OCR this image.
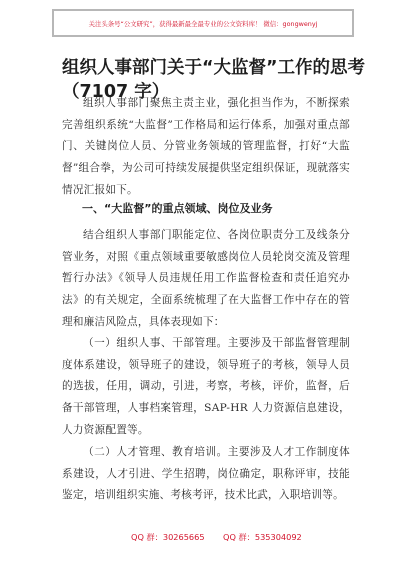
关注头条号“公文研究”，获得最新最全最专业的公文资料库！ 微信：gongwenyj
组织人事部门关于“大监督”工作的思考
（7107 字）

组织人事部门聚焦主责主业，强化担当作为，不断探索完善组织系统“大监督”工作格局和运行体系，加强对重点部门、关键岗位人员、分管业务领域的管理监督，打好“大监督”组合拳，为公司可持续发展提供坚定组织保证，现就落实情况汇报如下。

一、“大监督”的重点领域、岗位及业务

结合组织人事部门职能定位、各岗位职责分工及线条分管业务，对照《重点领域重要敏感岗位人员轮岗交流及管理暂行办法》《领导人员违规任用工作监督检查和责任追究办法》的有关规定，全面系统梳理了在大监督工作中存在的管理和廉洁风险点，具体表现如下：

（一）组织人事、干部管理。主要涉及干部监督管理制度体系建设，领导班子的建设，领导班子的考核，领导人员的选拔，任用，调动，引进，考察，考核，评价，监督，后备干部管理，人事档案管理，SAP-HR 人力资源信息建设，人力资源配置等。

（二）人才管理、教育培训。主要涉及人才工作制度体系建设，人才引进、学生招聘，岗位确定，职称评审，技能鉴定，培训组织实施、考核考评，技术比武，入职培训等。

QQ 群：30265665 QQ 群：535304092
